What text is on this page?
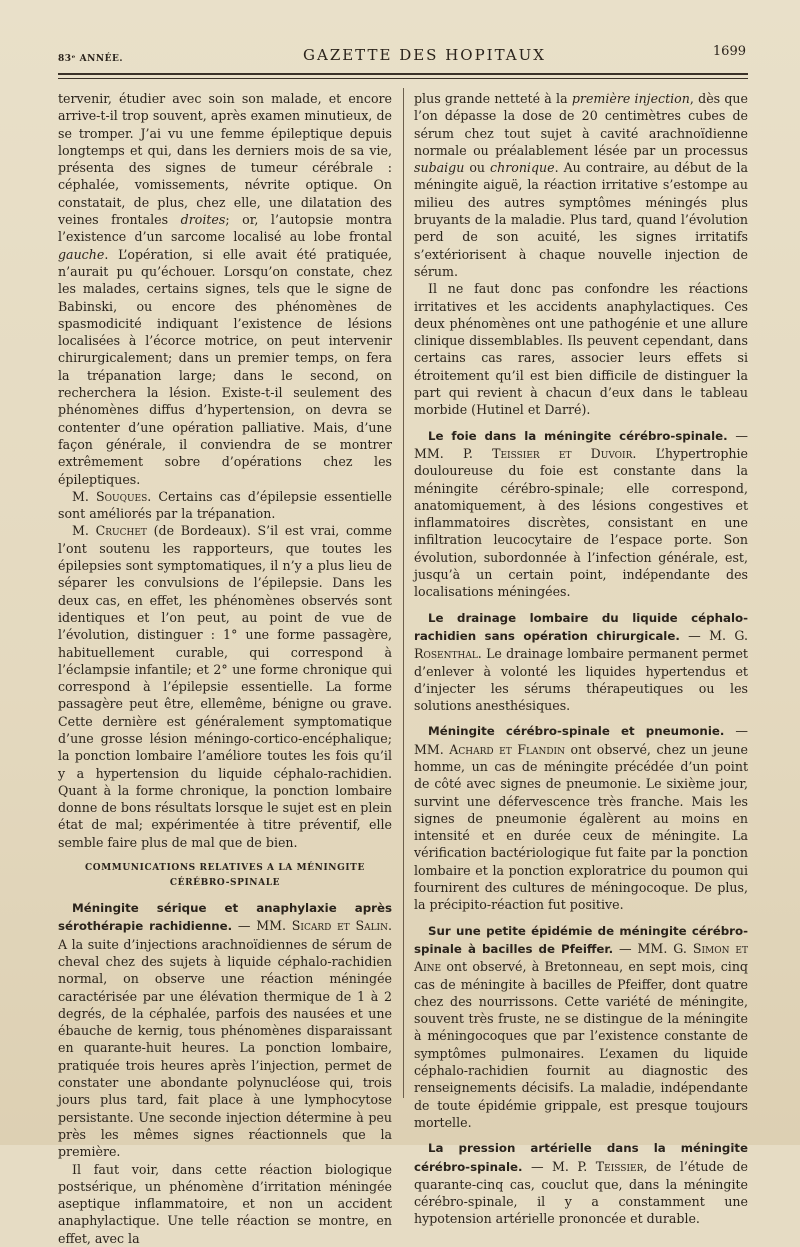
83ᵉ ANNÉE.	GAZETTE DES HOPITAUX	1699

tervenir, étudier avec soin son malade, et encore arrive-t-il trop souvent, après examen minutieux, de se tromper. J’ai vu une femme épileptique depuis longtemps et qui, dans les derniers mois de sa vie, présenta des signes de tumeur cérébrale : céphalée, vomissements, névrite optique. On constatait, de plus, chez elle, une dilatation des veines frontales droites; or, l’autopsie montra l’existence d’un sarcome localisé au lobe frontal gauche. L’opération, si elle avait été pratiquée, n’aurait pu qu’échouer. Lorsqu’on constate, chez les malades, certains signes, tels que le signe de Babinski, ou encore des phénomènes de spasmodicité indiquant l’existence de lésions localisées à l’écorce motrice, on peut intervenir chirurgicalement; dans un premier temps, on fera la trépanation large; dans le second, on recherchera la lésion. Existe-t-il seulement des phénomènes diffus d’hypertension, on devra se contenter d’une opération palliative. Mais, d’une façon générale, il conviendra de se montrer extrêmement sobre d’opérations chez les épileptiques.

M. Souques. Certains cas d’épilepsie essentielle sont améliorés par la trépanation.

M. Cruchet (de Bordeaux). S’il est vrai, comme l’ont soutenu les rapporteurs, que toutes les épilepsies sont symptomatiques, il n’y a plus lieu de séparer les convulsions de l’épilepsie. Dans les deux cas, en effet, les phénomènes observés sont identiques et l’on peut, au point de vue de l’évolution, distinguer : 1° une forme passagère, habituellement curable, qui correspond à l’éclampsie infantile; et 2° une forme chronique qui correspond à l’épilepsie essentielle. La forme passagère peut être, ellemême, bénigne ou grave. Cette dernière est généralement symptomatique d’une grosse lésion méningo-cortico-encéphalique; la ponction lombaire l’améliore toutes les fois qu’il y a hypertension du liquide céphalo-rachidien. Quant à la forme chronique, la ponction lombaire donne de bons résultats lorsque le sujet est en plein état de mal; expérimentée à titre préventif, elle semble faire plus de mal que de bien.

COMMUNICATIONS RELATIVES A LA MÉNINGITE
CÉRÉBRO-SPINALE

Méningite sérique et anaphylaxie après sérothérapie rachidienne. — MM. Sicard et Salin. A la suite d’injections arachnoïdiennes de sérum de cheval chez des sujets à liquide céphalo-rachidien normal, on observe une réaction méningée caractérisée par une élévation thermique de 1 à 2 degrés, de la céphalée, parfois des nausées et une ébauche de kernig, tous phénomènes disparaissant en quarante-huit heures. La ponction lombaire, pratiquée trois heures après l’injection, permet de constater une abondante polynucléose qui, trois jours plus tard, fait place à une lymphocytose persistante. Une seconde injection détermine à peu près les mêmes signes réactionnels que la première.

Il faut voir, dans cette réaction biologique postsérique, un phénomène d’irritation méningée aseptique inflammatoire, et non un accident anaphylactique. Une telle réaction se montre, en effet, avec la

plus grande netteté à la première injection, dès que l’on dépasse la dose de 20 centimètres cubes de sérum chez tout sujet à cavité arachnoïdienne normale ou préalablement lésée par un processus subaigu ou chronique. Au contraire, au début de la méningite aiguë, la réaction irritative s’estompe au milieu des autres symptômes méningés plus bruyants de la maladie. Plus tard, quand l’évolution perd de son acuité, les signes irritatifs s’extériorisent à chaque nouvelle injection de sérum.

Il ne faut donc pas confondre les réactions irritatives et les accidents anaphylactiques. Ces deux phénomènes ont une pathogénie et une allure clinique dissemblables. Ils peuvent cependant, dans certains cas rares, associer leurs effets si étroitement qu’il est bien difficile de distinguer la part qui revient à chacun d’eux dans le tableau morbide (Hutinel et Darré).

Le foie dans la méningite cérébro-spinale. — MM. P. Teissier et Duvoir. L’hypertrophie douloureuse du foie est constante dans la méningite cérébro-spinale; elle correspond, anatomiquement, à des lésions congestives et inflammatoires discrètes, consistant en une infiltration leucocytaire de l’espace porte. Son évolution, subordonnée à l’infection générale, est, jusqu’à un certain point, indépendante des localisations méningées.

Le drainage lombaire du liquide céphalo-rachidien sans opération chirurgicale. — M. G. Rosenthal. Le drainage lombaire permanent permet d’enlever à volonté les liquides hypertendus et d’injecter les sérums thérapeutiques ou les solutions anesthésiques.

Méningite cérébro-spinale et pneumonie. — MM. Achard et Flandin ont observé, chez un jeune homme, un cas de méningite précédée d’un point de côté avec signes de pneumonie. Le sixième jour, survint une défervescence très franche. Mais les signes de pneumonie égalèrent au moins en intensité et en durée ceux de méningite. La vérification bactériologique fut faite par la ponction lombaire et la ponction exploratrice du poumon qui fournirent des cultures de méningocoque. De plus, la précipito-réaction fut positive.

Sur une petite épidémie de méningite cérébro-spinale à bacilles de Pfeiffer. — MM. G. Simon et Aine ont observé, à Bretonneau, en sept mois, cinq cas de méningite à bacilles de Pfeiffer, dont quatre chez des nourrissons. Cette variété de méningite, souvent très fruste, ne se distingue de la méningite à méningocoques que par l’existence constante de symptômes pulmonaires. L’examen du liquide céphalo-rachidien fournit au diagnostic des renseignements décisifs. La maladie, indépendante de toute épidémie grippale, est presque toujours mortelle.

La pression artérielle dans la méningite cérébro-spinale. — M. P. Teissier, de l’étude de quarante-cinq cas, couclut que, dans la méningite cérébro-spinale, il y a constamment une hypotension artérielle prononcée et durable.
